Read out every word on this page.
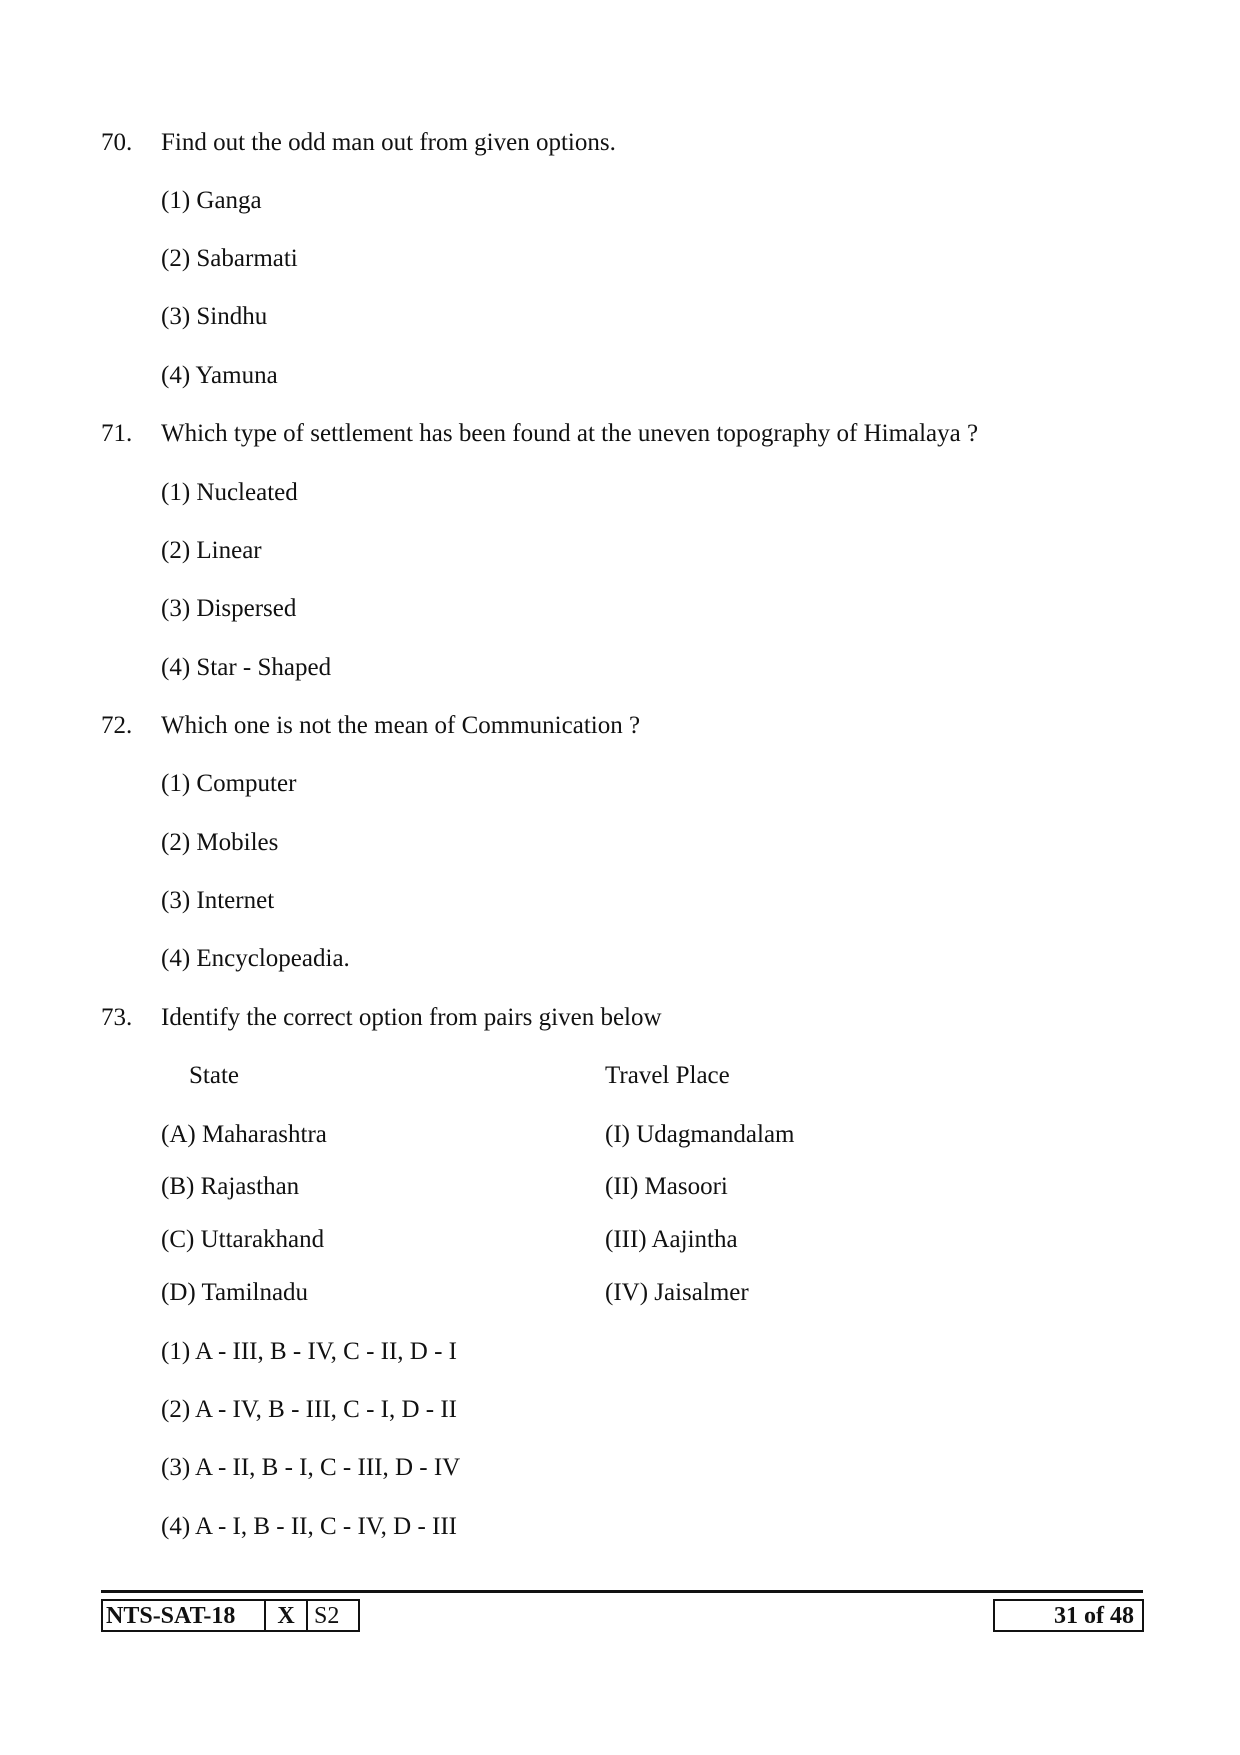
70. Find out the odd man out from given options.
(1) Ganga
(2) Sabarmati
(3) Sindhu
(4) Yamuna
71. Which type of settlement has been found at the uneven topography of Himalaya ?
(1) Nucleated
(2) Linear
(3) Dispersed
(4) Star - Shaped
72. Which one is not the mean of Communication ?
(1) Computer
(2) Mobiles
(3) Internet
(4) Encyclopeadia.
73. Identify the correct option from pairs given below
State	Travel Place
(A) Maharashtra	(I) Udagmandalam
(B) Rajasthan	(II) Masoori
(C) Uttarakhand	(III) Aajintha
(D) Tamilnadu	(IV) Jaisalmer
(1) A - III, B - IV, C - II, D - I
(2) A - IV, B - III, C - I, D - II
(3) A - II, B - I, C - III, D - IV
(4) A - I, B - II, C - IV, D - III
NTS-SAT-18	X S2	31 of 48
